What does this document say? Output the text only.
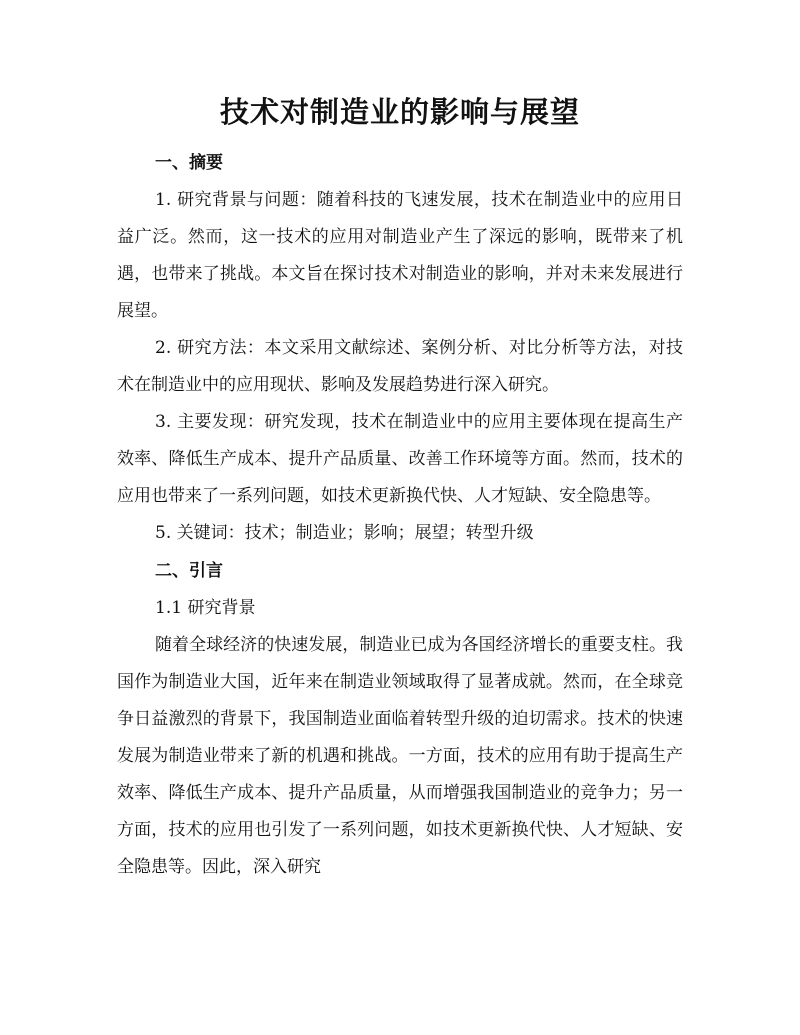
技术对制造业的影响与展望
一、摘要

1. 研究背景与问题：随着科技的飞速发展，技术在制造业中的应用日益广泛。然而，这一技术的应用对制造业产生了深远的影响，既带来了机遇，也带来了挑战。本文旨在探讨技术对制造业的影响，并对未来发展进行展望。

2. 研究方法：本文采用文献综述、案例分析、对比分析等方法，对技术在制造业中的应用现状、影响及发展趋势进行深入研究。

3. 主要发现：研究发现，技术在制造业中的应用主要体现在提高生产效率、降低生产成本、提升产品质量、改善工作环境等方面。然而，技术的应用也带来了一系列问题，如技术更新换代快、人才短缺、安全隐患等。

5. 关键词：技术；制造业；影响；展望；转型升级

二、引言

1.1 研究背景

随着全球经济的快速发展，制造业已成为各国经济增长的重要支柱。我国作为制造业大国，近年来在制造业领域取得了显著成就。然而，在全球竞争日益激烈的背景下，我国制造业面临着转型升级的迫切需求。技术的快速发展为制造业带来了新的机遇和挑战。一方面，技术的应用有助于提高生产效率、降低生产成本、提升产品质量，从而增强我国制造业的竞争力；另一方面，技术的应用也引发了一系列问题，如技术更新换代快、人才短缺、安全隐患等。因此，深入研究
